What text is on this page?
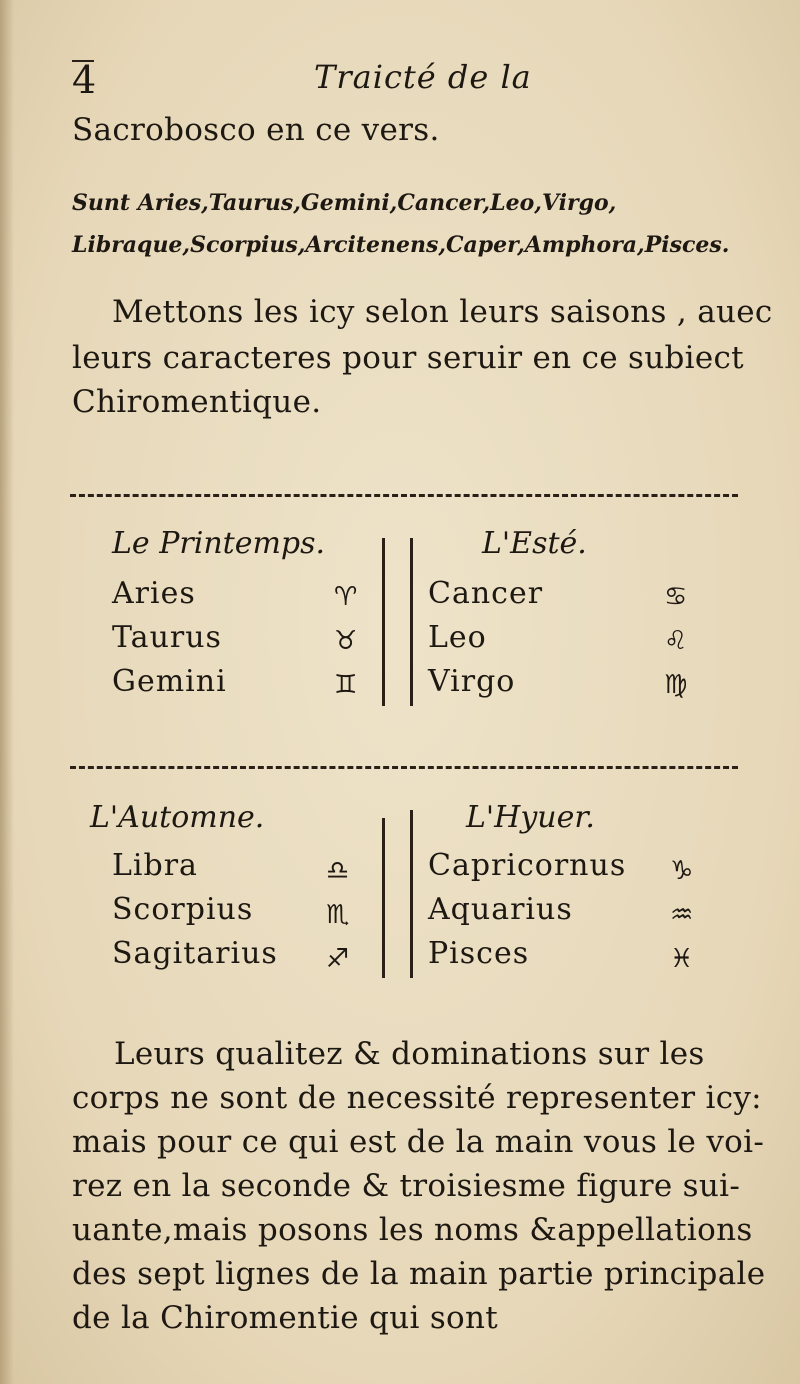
4	Traicté de la
Sacrobosco en ce vers.
Sunt Aries,Taurus,Gemini,Cancer,Leo,Virgo,
Libraque,Scorpius,Arcitenens,Caper,Amphora,Pisces.
Mettons les icy selon leurs saisons , auec
leurs caracteres pour seruir en ce subiect
Chiromentique.
Le Printemps.
Aries	♈
Taurus	♉
Gemini	♊
L'Esté.
Cancer	♋
Leo	♌
Virgo	♍
L'Automne.
Libra	♎
Scorpius	♏
Sagitarius ♐
L'Hyuer.
Capricornus ♑
Aquarius	♒
Pisces	♓
Leurs qualitez & dominations sur les
corps ne sont de necessité representer icy:
mais pour ce qui est de la main vous le voi-
rez en la seconde & troisiesme figure sui-
uante,mais posons les noms &appellations
des sept lignes de la main partie principale
de la Chiromentie qui sont
